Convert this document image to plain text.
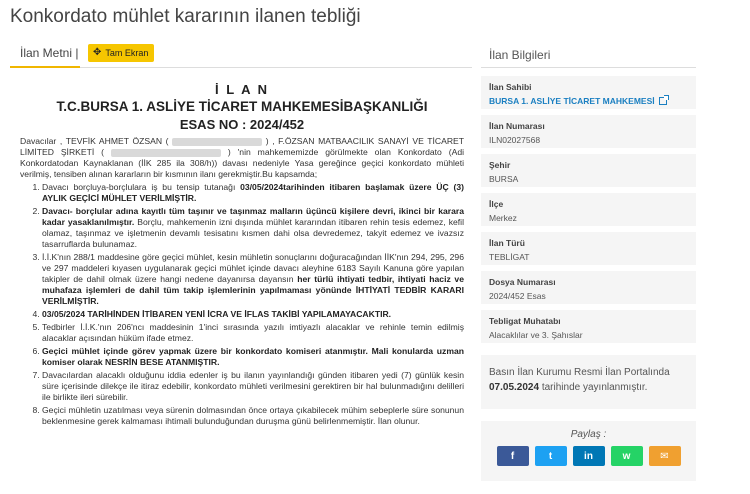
Konkordato mühlet kararının ilanen tebliği
İlan Metni | ✥ Tam Ekran
İ L A N
T.C.BURSA 1. ASLİYE TİCARET MAHKEMESİBAŞKANLIĞI
ESAS NO : 2024/452

Davacılar , TEVFİK AHMET ÖZSAN (	) , F.ÖZSAN MATBAACILIK SANAYİ VE TİCARET LİMİTED ŞİRKETİ (	) 'nin mahkememizde görülmekte olan Konkordato (Adi Konkordatodan Kaynaklanan (İİK 285 ila 308/h)) davası nedeniyle Yasa gereğince geçici konkordato mühleti verilmiş, tensiben alınan kararların bir kısmının ilanı gerekmiştir.Bu kapsamda;

1. Davacı borçluya-borçlulara iş bu tensip tutanağı 03/05/2024tarihinden itibaren başlamak üzere ÜÇ (3) AYLIK GEÇİCİ MÜHLET VERİLMİŞTİR.
2. Davacı- borçlular adına kayıtlı tüm taşınır ve taşınmaz malların üçüncü kişilere devri, ikinci bir karara kadar yasaklanılmıştır. Borçlu, mahkemenin izni dışında mühlet kararından itibaren rehin tesis edemez, kefil olamaz, taşınmaz ve işletmenin devamlı tesisatını kısmen dahi olsa devredemez, takyit edemez ve ivazsız tasarruflarda bulunamaz.
3. İ.İ.K'nın 288/1 maddesine göre geçici mühlet, kesin mühletin sonuçlarını doğuracağından İİK'nın 294, 295, 296 ve 297 maddeleri kıyasen uygulanarak geçici mühlet içinde davacı aleyhine 6183 Sayılı Kanuna göre yapılan takipler de dahil olmak üzere hangi nedene dayanırsa dayansın her türlü ihtiyati tedbir, ihtiyati haciz ve muhafaza işlemleri de dahil tüm takip işlemlerinin yapılmaması yönünde İHTİYATİ TEDBİR KARARI VERİLMİŞTİR.
4. 03/05/2024 TARİHİNDEN İTİBAREN YENİ İCRA VE İFLAS TAKİBİ YAPILAMAYACAKTIR.
5. Tedbirler İ.İ.K.'nın 206'ncı maddesinin 1'inci sırasında yazılı imtiyazlı alacaklar ve rehinle temin edilmiş alacaklar açısından hüküm ifade etmez.
6. Geçici mühlet içinde görev yapmak üzere bir konkordato komiseri atanmıştır. Mali konularda uzman komiser olarak NESRİN BESE ATANMIŞTIR.
7. Davacılardan alacaklı olduğunu iddia edenler iş bu ilanın yayınlandığı günden itibaren yedi (7) günlük kesin süre içerisinde dilekçe ile itiraz edebilir, konkordato mühleti verilmesini gerektiren bir hal bulunmadığını delilleri ile birlikte ileri sürebilir.
8. Geçici mühletin uzatılması veya sürenin dolmasından önce ortaya çıkabilecek mühim sebeplerle süre sonunun beklenmesine gerek kalmaması ihtimali bulunduğundan duruşma günü belirlenmemiştir. İlan olunur.
İlan Bilgileri
İlan Sahibi
BURSA 1. ASLİYE TİCARET MAHKEMESİ
İlan Numarası
ILN02027568
Şehir
BURSA
İlçe
Merkez
İlan Türü
TEBLİGAT
Dosya Numarası
2024/452 Esas
Tebligat Muhatabı
Alacaklılar ve 3. Şahıslar
Basın İlan Kurumu Resmi İlan Portalında
07.05.2024 tarihinde yayınlanmıştır.
Paylaş :
f	t	in	w	✉
